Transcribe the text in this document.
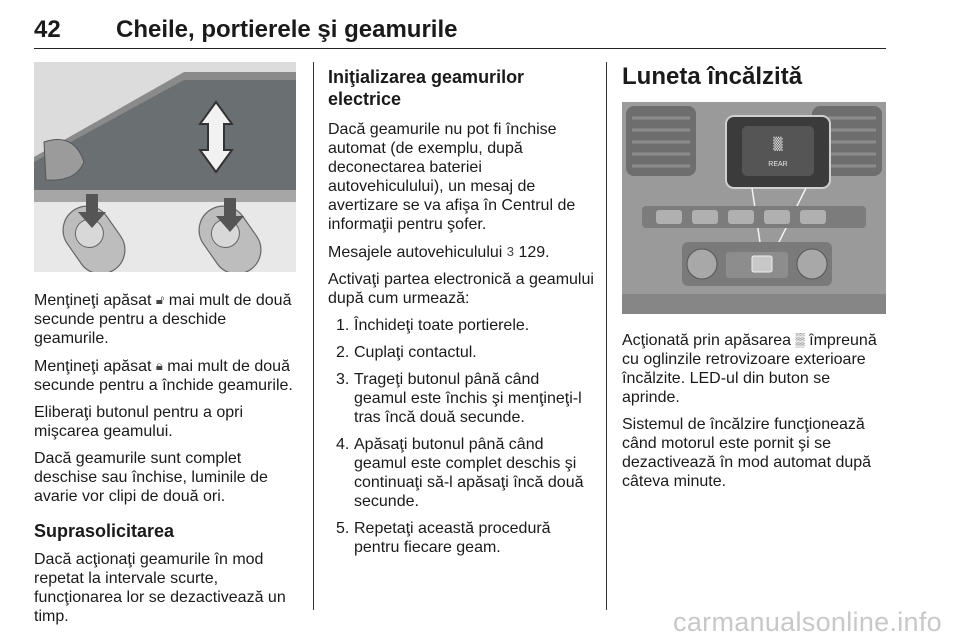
42 Cheile, portierele şi geamurile

Menţineţi apăsat 🔓︎ mai mult de două secunde pentru a deschide geamurile.

Menţineţi apăsat 🔒︎ mai mult de două secunde pentru a închide geamurile.

Eliberaţi butonul pentru a opri mişcarea geamului.

Dacă geamurile sunt complet deschise sau închise, luminile de avarie vor clipi de două ori.

Suprasolicitarea

Dacă acţionaţi geamurile în mod repetat la intervale scurte, funcţionarea lor se dezactivează un timp.

Iniţializarea geamurilor electrice

Dacă geamurile nu pot fi închise automat (de exemplu, după deconectarea bateriei autovehiculului), un mesaj de avertizare se va afişa în Centrul de informaţii pentru şofer.

Mesajele autovehiculului 3 129.

Activaţi partea electronică a geamului după cum urmează:

1. Închideţi toate portierele.
2. Cuplaţi contactul.
3. Trageţi butonul până când geamul este închis şi menţineţi-l tras încă două secunde.
4. Apăsaţi butonul până când geamul este complet deschis şi continuaţi să-l apăsaţi încă două secunde.
5. Repetaţi această procedură pentru fiecare geam.
Luneta încălzită
▒
REAR

Acţionată prin apăsarea ▒ împreună cu oglinzile retrovizoare exterioare încălzite. LED-ul din buton se aprinde.

Sistemul de încălzire funcţionează când motorul este pornit şi se dezactivează în mod automat după câteva minute.

carmanualsonline.info
